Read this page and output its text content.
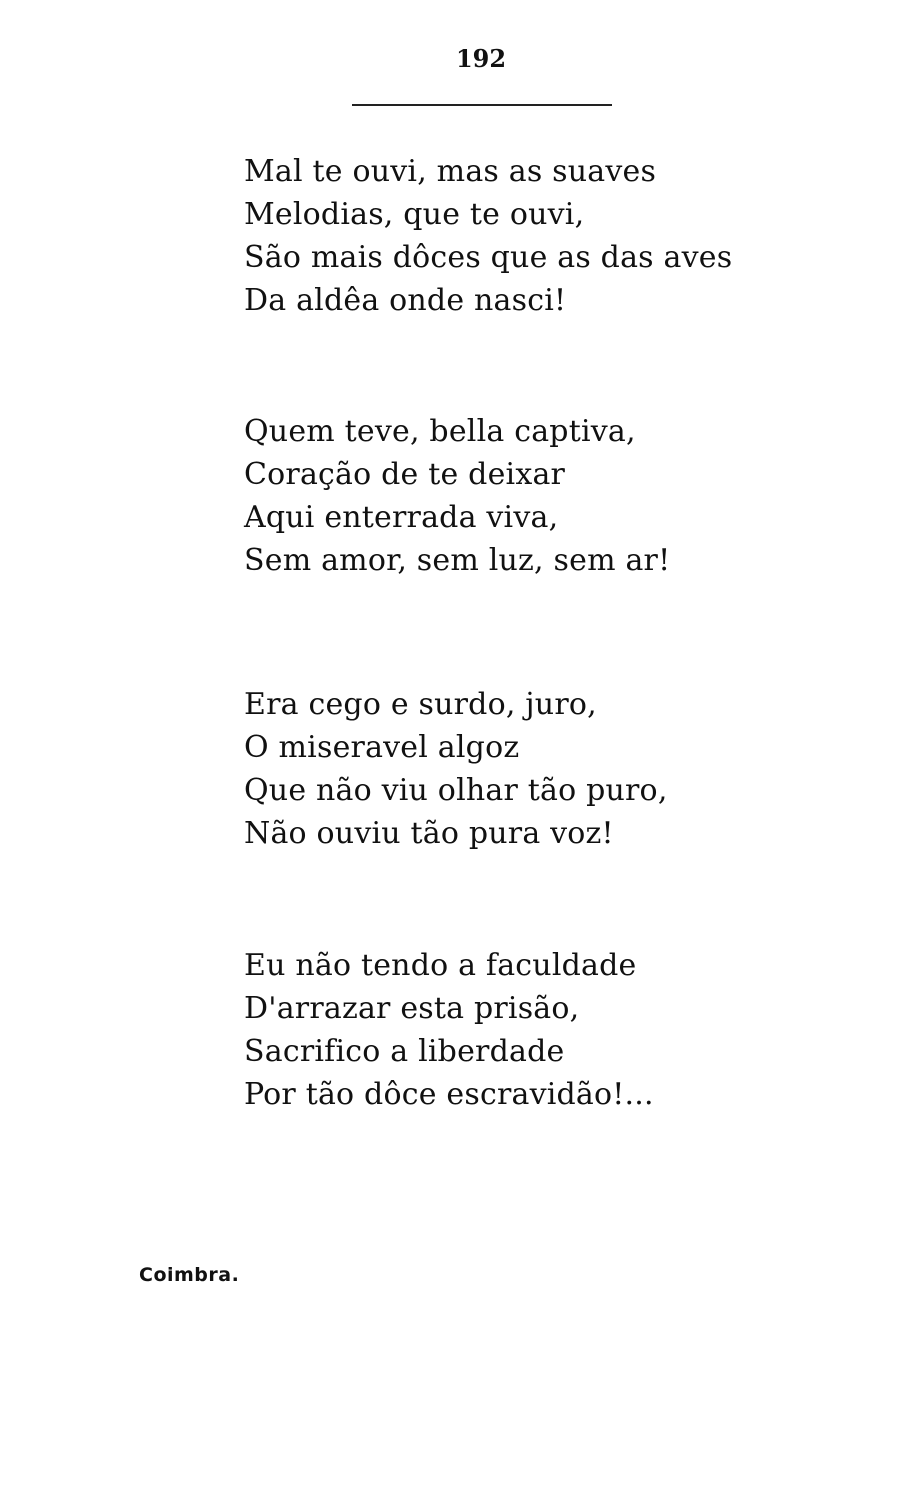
192
Mal te ouvi, mas as suaves
Melodias, que te ouvi,
São mais dôces que as das aves
Da aldêa onde nasci!
Quem teve, bella captiva,
Coração de te deixar
Aqui enterrada viva,
Sem amor, sem luz, sem ar!
Era cego e surdo, juro,
O miseravel algoz
Que não viu olhar tão puro,
Não ouviu tão pura voz!
Eu não tendo a faculdade
D'arrazar esta prisão,
Sacrifico a liberdade
Por tão dôce escravidão!...
Coimbra.
